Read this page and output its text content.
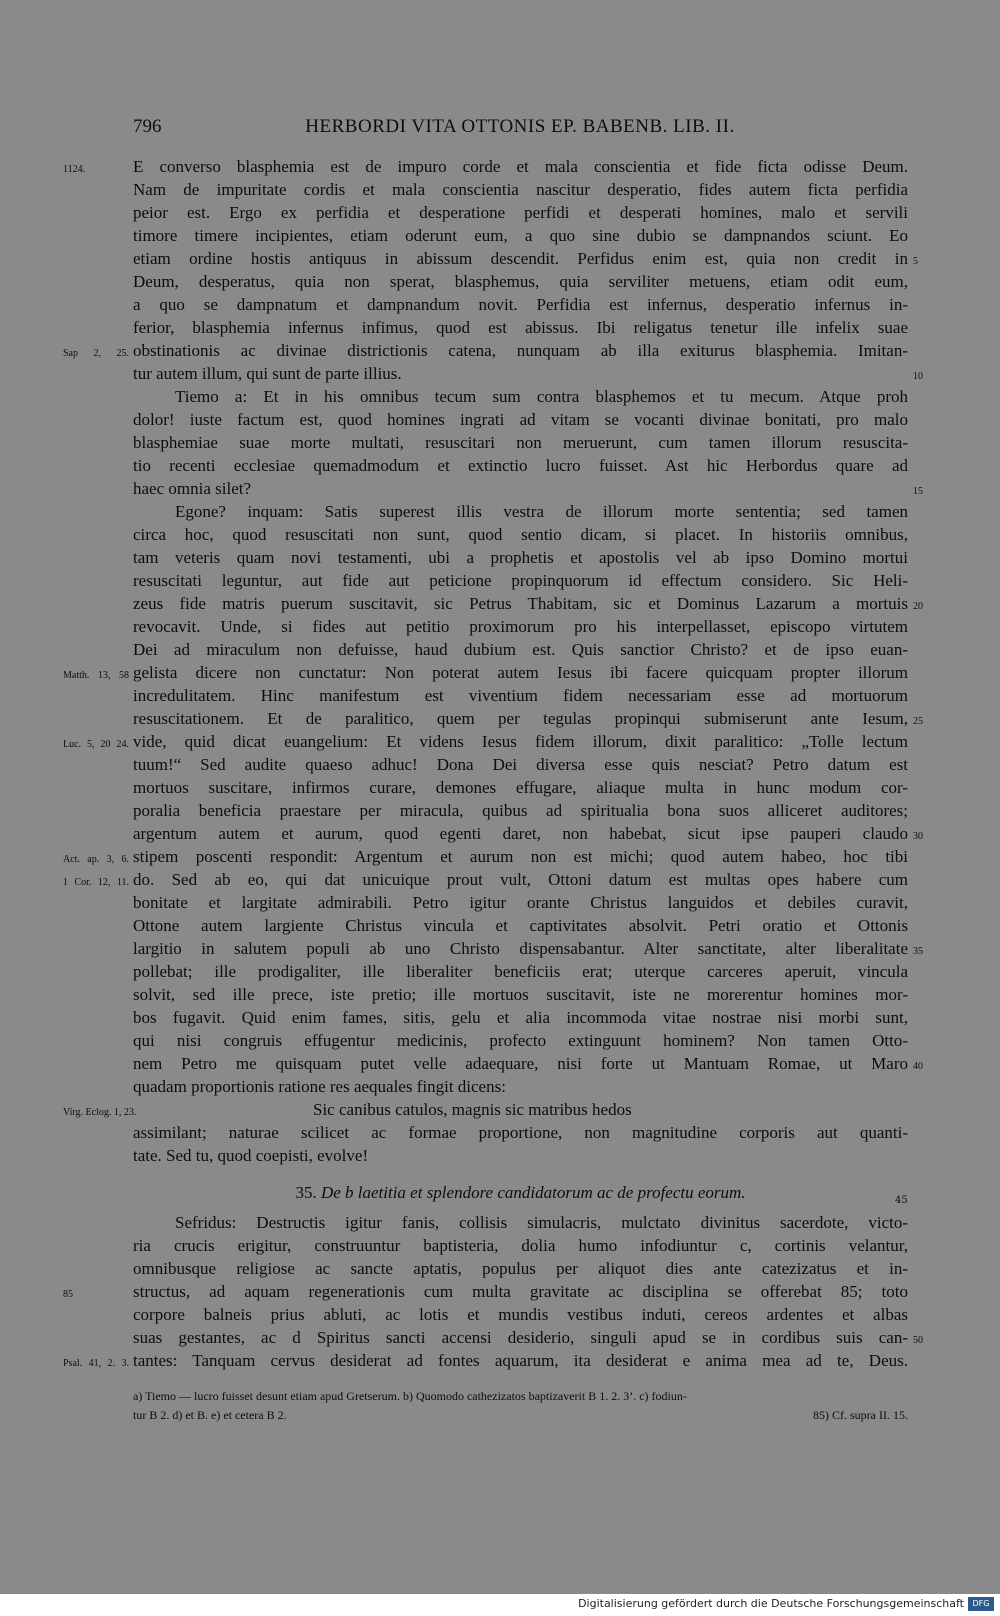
796	HERBORDI VITA OTTONIS EP. BABENB. LIB. II.
E converso blasphemia est de impuro corde et mala conscientia et fide ficta odisse Deum.
1124.
Nam de impuritate cordis et mala conscientia nascitur desperatio, fides autem ficta perfidia
peior est. Ergo ex perfidia et desperatione perfidi et desperati homines, malo et servili
timore timere incipientes, etiam oderunt eum, a quo sine dubio se dampnandos sciunt. Eo
etiam ordine hostis antiquus in abissum descendit. Perfidus enim est, quia non credit in 5
Deum, desperatus, quia non sperat, blasphemus, quia serviliter metuens, etiam odit eum,
a quo se dampnatum et dampnandum novit. Perfidia est infernus, desperatio infernus in-
ferior, blasphemia infernus infimus, quod est abissus. Ibi religatus tenetur ille infelix suae
obstinationis ac divinae districtionis catena, nunquam ab illa exiturus blasphemia. Imitan-
Sap 2, 25.
tur autem illum, qui sunt de parte illius.	10
Tiemo a: Et in his omnibus tecum sum contra blasphemos et tu mecum. Atque proh
dolor! iuste factum est, quod homines ingrati ad vitam se vocanti divinae bonitati, pro malo
blasphemiae suae morte multati, resuscitari non meruerunt, cum tamen illorum resuscita-
tio recenti ecclesiae quemadmodum et extinctio lucro fuisset. Ast hic Herbordus quare ad
haec omnia silet?	15
Egone? inquam: Satis superest illis vestra de illorum morte sententia; sed tamen
circa hoc, quod resuscitati non sunt, quod sentio dicam, si placet. In historiis omnibus,
tam veteris quam novi testamenti, ubi a prophetis et apostolis vel ab ipso Domino mortui
resuscitati leguntur, aut fide aut peticione propinquorum id effectum considero. Sic Heli-
zeus fide matris puerum suscitavit, sic Petrus Thabitam, sic et Dominus Lazarum a mortuis 20
revocavit. Unde, si fides aut petitio proximorum pro his interpellasset, episcopo virtutem
Dei ad miraculum non defuisse, haud dubium est. Quis sanctior Christo? et de ipso euan-
gelista dicere non cunctatur: Non poterat autem Iesus ibi facere quicquam propter illorum
Matth. 13, 58
incredulitatem. Hinc manifestum est viventium fidem necessariam esse ad mortuorum
resuscitationem. Et de paralitico, quem per tegulas propinqui submiserunt ante Iesum, 25
vide, quid dicat euangelium: Et videns Iesus fidem illorum, dixit paralitico: „Tolle lectum
Luc. 5, 20 24.
tuum!“ Sed audite quaeso adhuc! Dona Dei diversa esse quis nesciat? Petro datum est
mortuos suscitare, infirmos curare, demones effugare, aliaque multa in hunc modum cor-
poralia beneficia praestare per miracula, quibus ad spiritualia bona suos alliceret auditores;
argentum autem et aurum, quod egenti daret, non habebat, sicut ipse pauperi claudo 30
stipem poscenti respondit: Argentum et aurum non est michi; quod autem habeo, hoc tibi
Act. ap. 3, 6.
do. Sed ab eo, qui dat unicuique prout vult, Ottoni datum est multas opes habere cum
1 Cor. 12, 11.
bonitate et largitate admirabili. Petro igitur orante Christus languidos et debiles curavit,
Ottone autem largiente Christus vincula et captivitates absolvit. Petri oratio et Ottonis
largitio in salutem populi ab uno Christo dispensabantur. Alter sanctitate, alter liberalitate 35
pollebat; ille prodigaliter, ille liberaliter beneficiis erat; uterque carceres aperuit, vincula
solvit, sed ille prece, iste pretio; ille mortuos suscitavit, iste ne morerentur homines mor-
bos fugavit. Quid enim fames, sitis, gelu et alia incommoda vitae nostrae nisi morbi sunt,
qui nisi congruis effugentur medicinis, profecto extinguunt hominem? Non tamen Otto-
nem Petro me quisquam putet velle adaequare, nisi forte ut Mantuam Romae, ut Maro 40
quadam proportionis ratione res aequales fingit dicens:
Sic canibus catulos, magnis sic matribus hedos
Virg. Eclog. 1, 23.
assimilant; naturae scilicet ac formae proportione, non magnitudine corporis aut quanti-
tate. Sed tu, quod coepisti, evolve!
35. De b laetitia et splendore candidatorum ac de profectu eorum.	45
Sefridus: Destructis igitur fanis, collisis simulacris, mulctato divinitus sacerdote, victo-
ria crucis erigitur, construuntur baptisteria, dolia humo infodiuntur c, cortinis velantur,
omnibusque religiose ac sancte aptatis, populus per aliquot dies ante catezizatus et in-
structus, ad aquam regenerationis cum multa gravitate ac disciplina se offerebat 85; toto
85
corpore balneis prius abluti, ac lotis et mundis vestibus induti, cereos ardentes et albas
suas gestantes, ac d Spiritus sancti accensi desiderio, singuli apud se in cordibus suis can- 50
tantes: Tanquam cervus desiderat ad fontes aquarum, ita desiderat e anima mea ad te, Deus.
Psal. 41, 2. 3.
a) Tiemo — lucro fuisset desunt etiam apud Gretserum. b) Quomodo cathezizatos baptizaverit B 1. 2. 3’. c) fodiun-
tur B 2. d) et B. e) et cetera B 2.	85) Cf. supra II. 15.
Digitalisierung gefördert durch die Deutsche Forschungsgemeinschaft	DFG
